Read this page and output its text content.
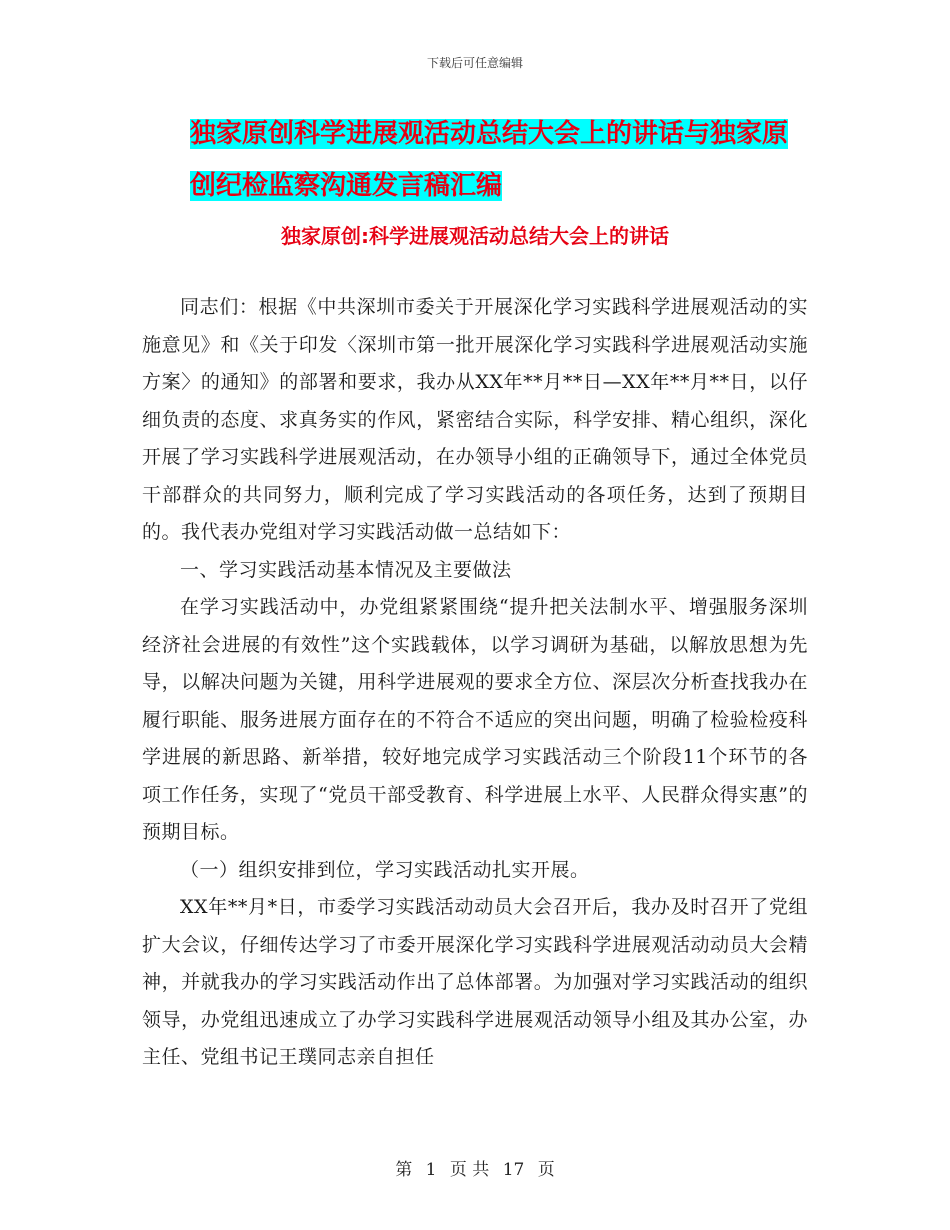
下载后可任意编辑
独家原创科学进展观活动总结大会上的讲话与独家原
创纪检监察沟通发言稿汇编
独家原创:科学进展观活动总结大会上的讲话

同志们：根据《中共深圳市委关于开展深化学习实践科学进展观活动的实施意见》和《关于印发〈深圳市第一批开展深化学习实践科学进展观活动实施方案〉的通知》的部署和要求，我办从XX年**月**日—XX年**月**日，以仔细负责的态度、求真务实的作风，紧密结合实际，科学安排、精心组织，深化开展了学习实践科学进展观活动，在办领导小组的正确领导下，通过全体党员干部群众的共同努力，顺利完成了学习实践活动的各项任务，达到了预期目的。我代表办党组对学习实践活动做一总结如下：

一、学习实践活动基本情况及主要做法

在学习实践活动中，办党组紧紧围绕“提升把关法制水平、增强服务深圳经济社会进展的有效性”这个实践载体，以学习调研为基础，以解放思想为先导，以解决问题为关键，用科学进展观的要求全方位、深层次分析查找我办在履行职能、服务进展方面存在的不符合不适应的突出问题，明确了检验检疫科学进展的新思路、新举措，较好地完成学习实践活动三个阶段11个环节的各项工作任务，实现了“党员干部受教育、科学进展上水平、人民群众得实惠”的预期目标。

（一）组织安排到位，学习实践活动扎实开展。

XX年**月*日，市委学习实践活动动员大会召开后，我办及时召开了党组扩大会议，仔细传达学习了市委开展深化学习实践科学进展观活动动员大会精神，并就我办的学习实践活动作出了总体部署。为加强对学习实践活动的组织领导，办党组迅速成立了办学习实践科学进展观活动领导小组及其办公室，办主任、党组书记王璞同志亲自担任

第 1 页 共 17 页
